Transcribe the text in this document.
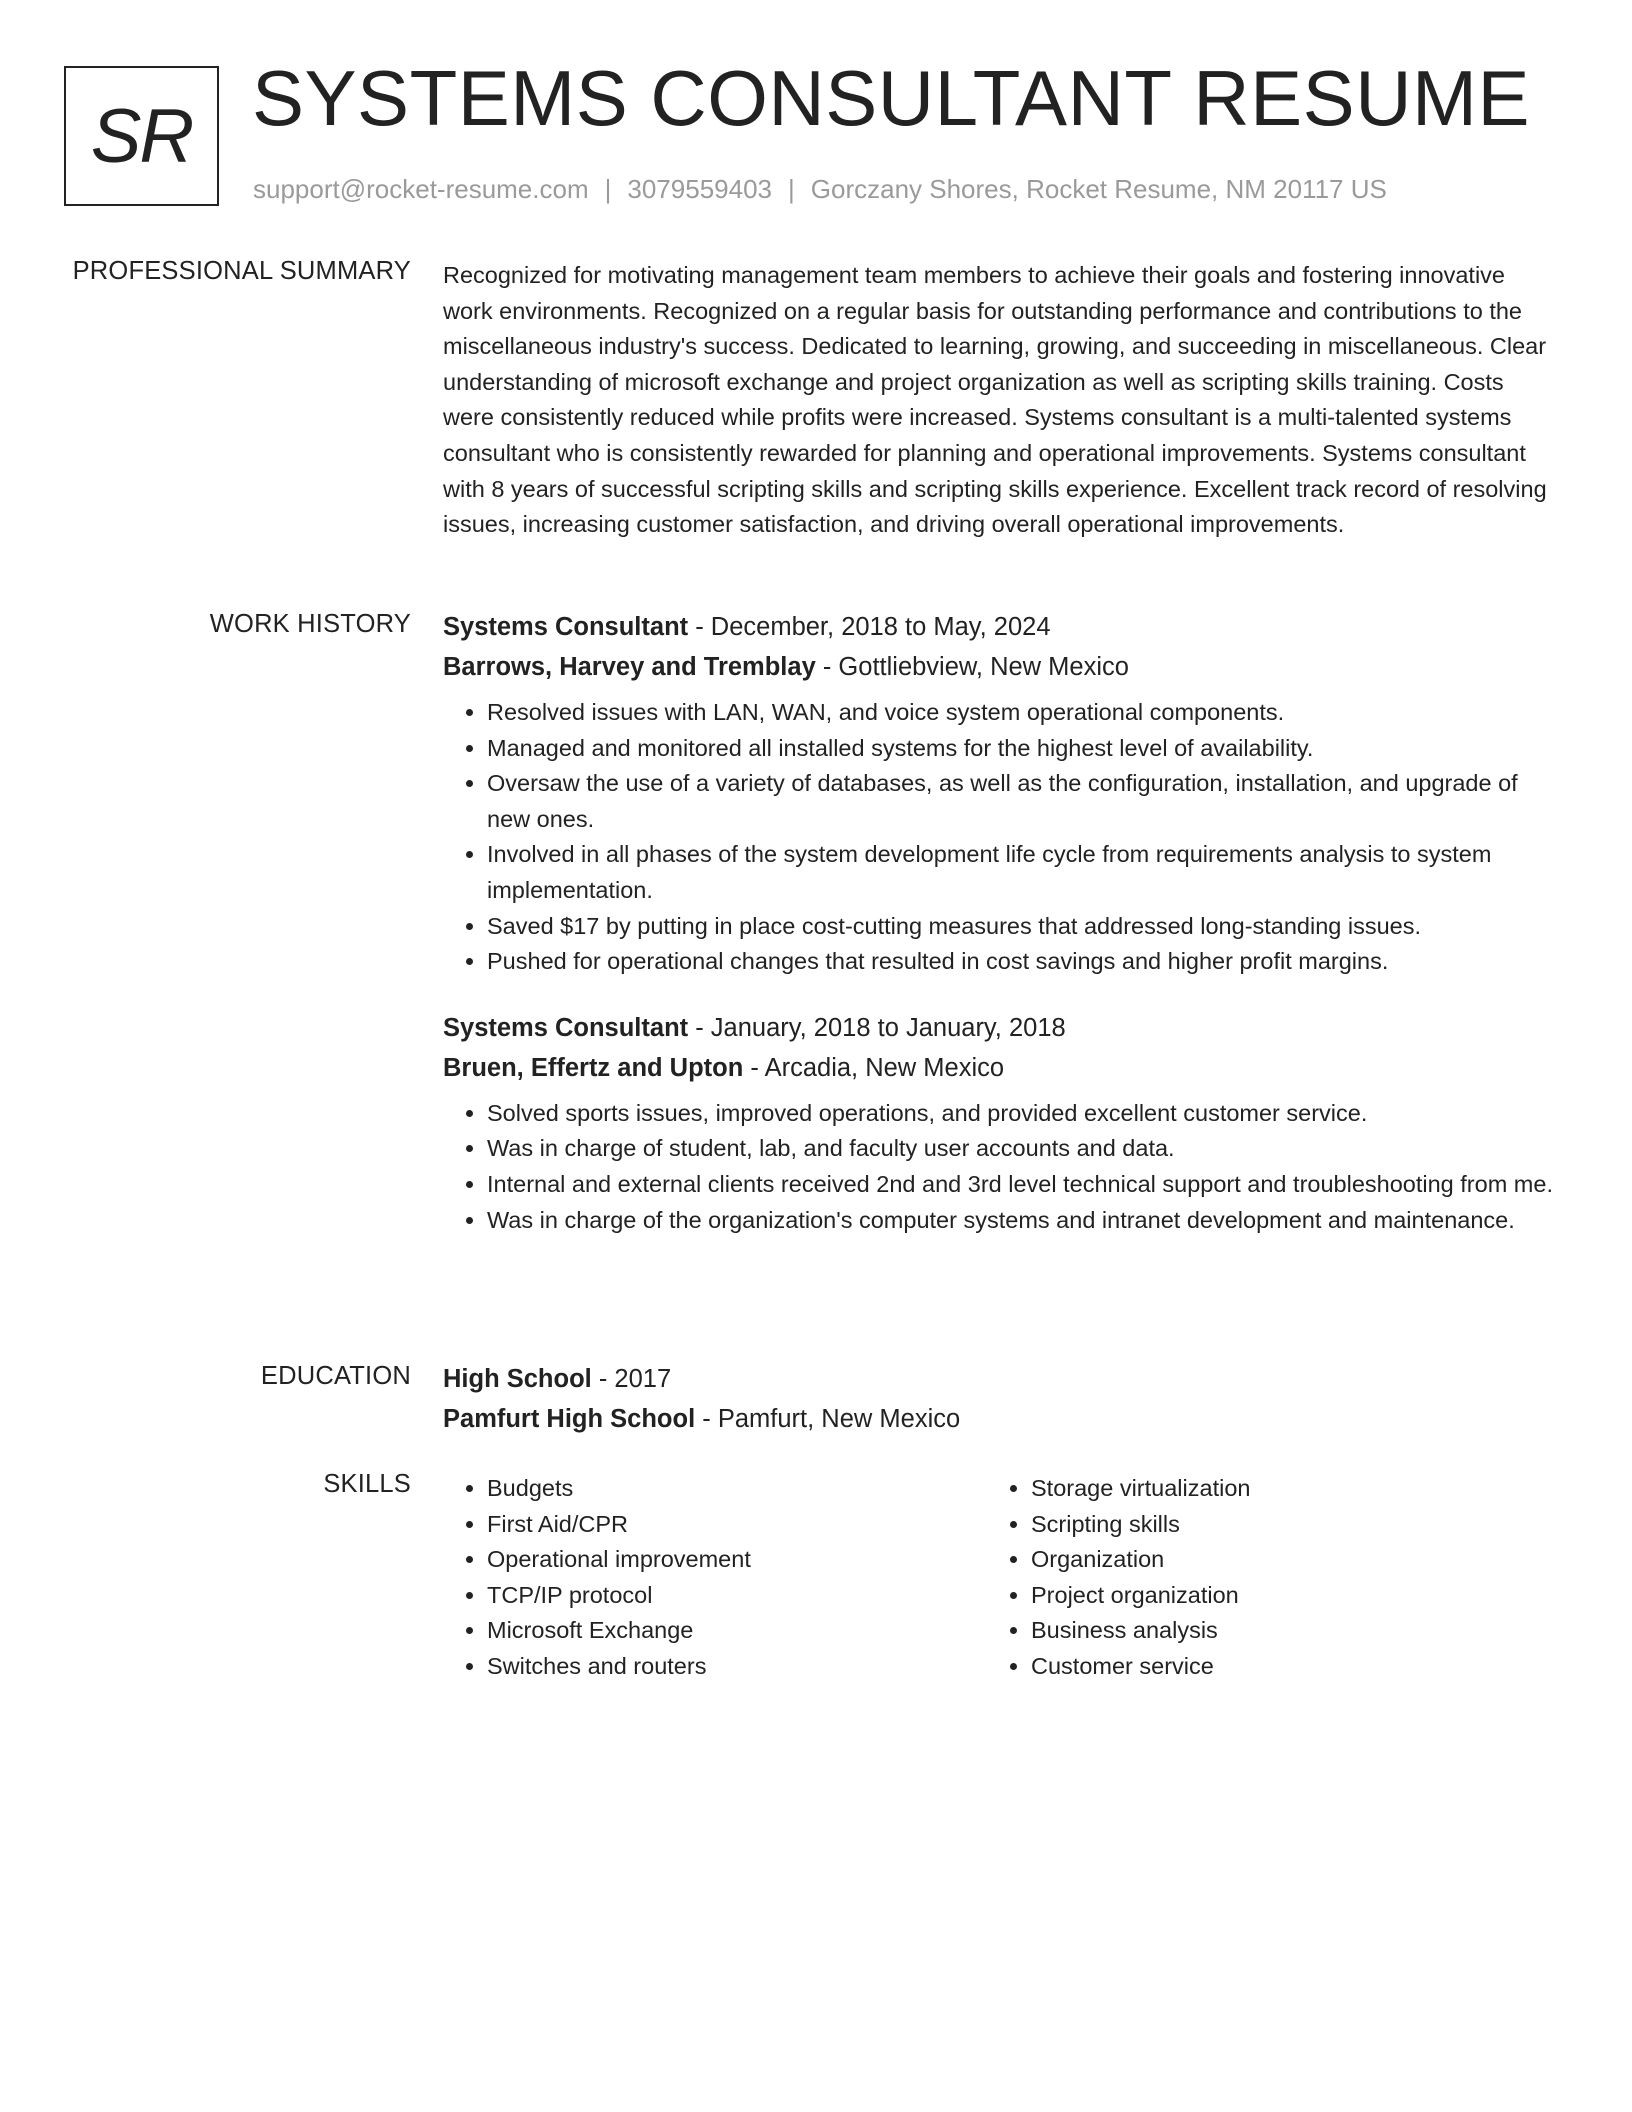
SR SYSTEMS CONSULTANT RESUME
support@rocket-resume.com | 3079559403 | Gorczany Shores, Rocket Resume, NM 20117 US
PROFESSIONAL SUMMARY Recognized for motivating management team members to achieve their goals and fostering innovative work environments. Recognized on a regular basis for outstanding performance and contributions to the miscellaneous industry's success. Dedicated to learning, growing, and succeeding in miscellaneous. Clear understanding of microsoft exchange and project organization as well as scripting skills training. Costs were consistently reduced while profits were increased. Systems consultant is a multi-talented systems consultant who is consistently rewarded for planning and operational improvements. Systems consultant with 8 years of successful scripting skills and scripting skills experience. Excellent track record of resolving issues, increasing customer satisfaction, and driving overall operational improvements.

WORK HISTORY Systems Consultant - December, 2018 to May, 2024
Barrows, Harvey and Tremblay - Gottliebview, New Mexico
• Resolved issues with LAN, WAN, and voice system operational components.
• Managed and monitored all installed systems for the highest level of availability.
• Oversaw the use of a variety of databases, as well as the configuration, installation, and upgrade of new ones.
• Involved in all phases of the system development life cycle from requirements analysis to system implementation.
• Saved $17 by putting in place cost-cutting measures that addressed long-standing issues.
• Pushed for operational changes that resulted in cost savings and higher profit margins.
Systems Consultant - January, 2018 to January, 2018
Bruen, Effertz and Upton - Arcadia, New Mexico
• Solved sports issues, improved operations, and provided excellent customer service.
• Was in charge of student, lab, and faculty user accounts and data.
• Internal and external clients received 2nd and 3rd level technical support and troubleshooting from me.
• Was in charge of the organization's computer systems and intranet development and maintenance.
EDUCATION High School - 2017
Pamfurt High School - Pamfurt, New Mexico
SKILLS
•	Budgets
• First Aid/CPR
• Operational improvement
• TCP/IP protocol
• Microsoft Exchange
• Switches and routers
• Storage virtualization
• Scripting skills
• Organization
• Project organization
• Business analysis
• Customer service
